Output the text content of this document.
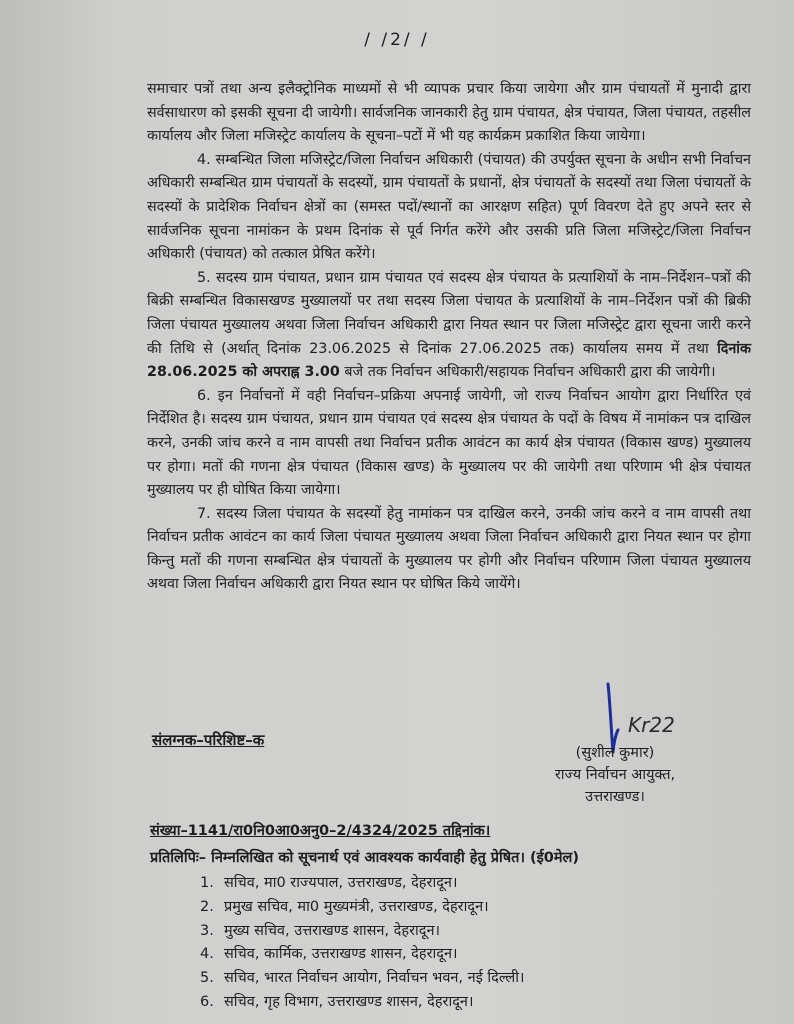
/ /2/ /

समाचार पत्रों तथा अन्य इलैक्ट्रोनिक माध्यमों से भी व्यापक प्रचार किया जायेगा और ग्राम पंचायतों में मुनादी द्वारा सर्वसाधारण को इसकी सूचना दी जायेगी। सार्वजनिक जानकारी हेतु ग्राम पंचायत, क्षेत्र पंचायत, जिला पंचायत, तहसील कार्यालय और जिला मजिस्ट्रेट कार्यालय के सूचना–पटों में भी यह कार्यक्रम प्रकाशित किया जायेगा।

4. सम्बन्धित जिला मजिस्ट्रेट/जिला निर्वाचन अधिकारी (पंचायत) की उपर्युक्त सूचना के अधीन सभी निर्वाचन अधिकारी सम्बन्धित ग्राम पंचायतों के सदस्यों, ग्राम पंचायतों के प्रधानों, क्षेत्र पंचायतों के सदस्यों तथा जिला पंचायतों के सदस्यों के प्रादेशिक निर्वाचन क्षेत्रों का (समस्त पदों/स्थानों का आरक्षण सहित) पूर्ण विवरण देते हुए अपने स्तर से सार्वजनिक सूचना नामांकन के प्रथम दिनांक से पूर्व निर्गत करेंगे और उसकी प्रति जिला मजिस्ट्रेट/जिला निर्वाचन अधिकारी (पंचायत) को तत्काल प्रेषित करेंगे।

5. सदस्य ग्राम पंचायत, प्रधान ग्राम पंचायत एवं सदस्य क्षेत्र पंचायत के प्रत्याशियों के नाम–निर्देशन–पत्रों की बिक्री सम्बन्धित विकासखण्ड मुख्यालयों पर तथा सदस्य जिला पंचायत के प्रत्याशियों के नाम–निर्देशन पत्रों की ब्रिकी जिला पंचायत मुख्यालय अथवा जिला निर्वाचन अधिकारी द्वारा नियत स्थान पर जिला मजिस्ट्रेट द्वारा सूचना जारी करने की तिथि से (अर्थात् दिनांक 23.06.2025 से दिनांक 27.06.2025 तक) कार्यालय समय में तथा दिनांक 28.06.2025 को अपराह्न 3.00 बजे तक निर्वाचन अधिकारी/सहायक निर्वाचन अधिकारी द्वारा की जायेगी।

6. इन निर्वाचनों में वही निर्वाचन–प्रक्रिया अपनाई जायेगी, जो राज्य निर्वाचन आयोग द्वारा निर्धारित एवं निर्देशित है। सदस्य ग्राम पंचायत, प्रधान ग्राम पंचायत एवं सदस्य क्षेत्र पंचायत के पदों के विषय में नामांकन पत्र दाखिल करने, उनकी जांच करने व नाम वापसी तथा निर्वाचन प्रतीक आवंटन का कार्य क्षेत्र पंचायत (विकास खण्ड) मुख्यालय पर होगा। मतों की गणना क्षेत्र पंचायत (विकास खण्ड) के मुख्यालय पर की जायेगी तथा परिणाम भी क्षेत्र पंचायत मुख्यालय पर ही घोषित किया जायेगा।

7. सदस्य जिला पंचायत के सदस्यों हेतु नामांकन पत्र दाखिल करने, उनकी जांच करने व नाम वापसी तथा निर्वाचन प्रतीक आवंटन का कार्य जिला पंचायत मुख्यालय अथवा जिला निर्वाचन अधिकारी द्वारा नियत स्थान पर होगा किन्तु मतों की गणना सम्बन्धित क्षेत्र पंचायतों के मुख्यालय पर होगी और निर्वाचन परिणाम जिला पंचायत मुख्यालय अथवा जिला निर्वाचन अधिकारी द्वारा नियत स्थान पर घोषित किये जायेंगे।

संलग्नक–परिशिष्ट–क
Kr22
(सुशील कुमार)
राज्य निर्वाचन आयुक्त,
उत्तराखण्ड।
संख्या–1141/रा0नि0आ0अनु0–2/4324/2025 तद्दिनांक।
प्रतिलिपिः– निम्नलिखित को सूचनार्थ एवं आवश्यक कार्यवाही हेतु प्रेषित। (ई0मेल)
1. सचिव, मा0 राज्यपाल, उत्तराखण्ड, देहरादून।
2. प्रमुख सचिव, मा0 मुख्यमंत्री, उत्तराखण्ड, देहरादून।
3. मुख्य सचिव, उत्तराखण्ड शासन, देहरादून।
4. सचिव, कार्मिक, उत्तराखण्ड शासन, देहरादून।
5. सचिव, भारत निर्वाचन आयोग, निर्वाचन भवन, नई दिल्ली।
6. सचिव, गृह विभाग, उत्तराखण्ड शासन, देहरादून।
